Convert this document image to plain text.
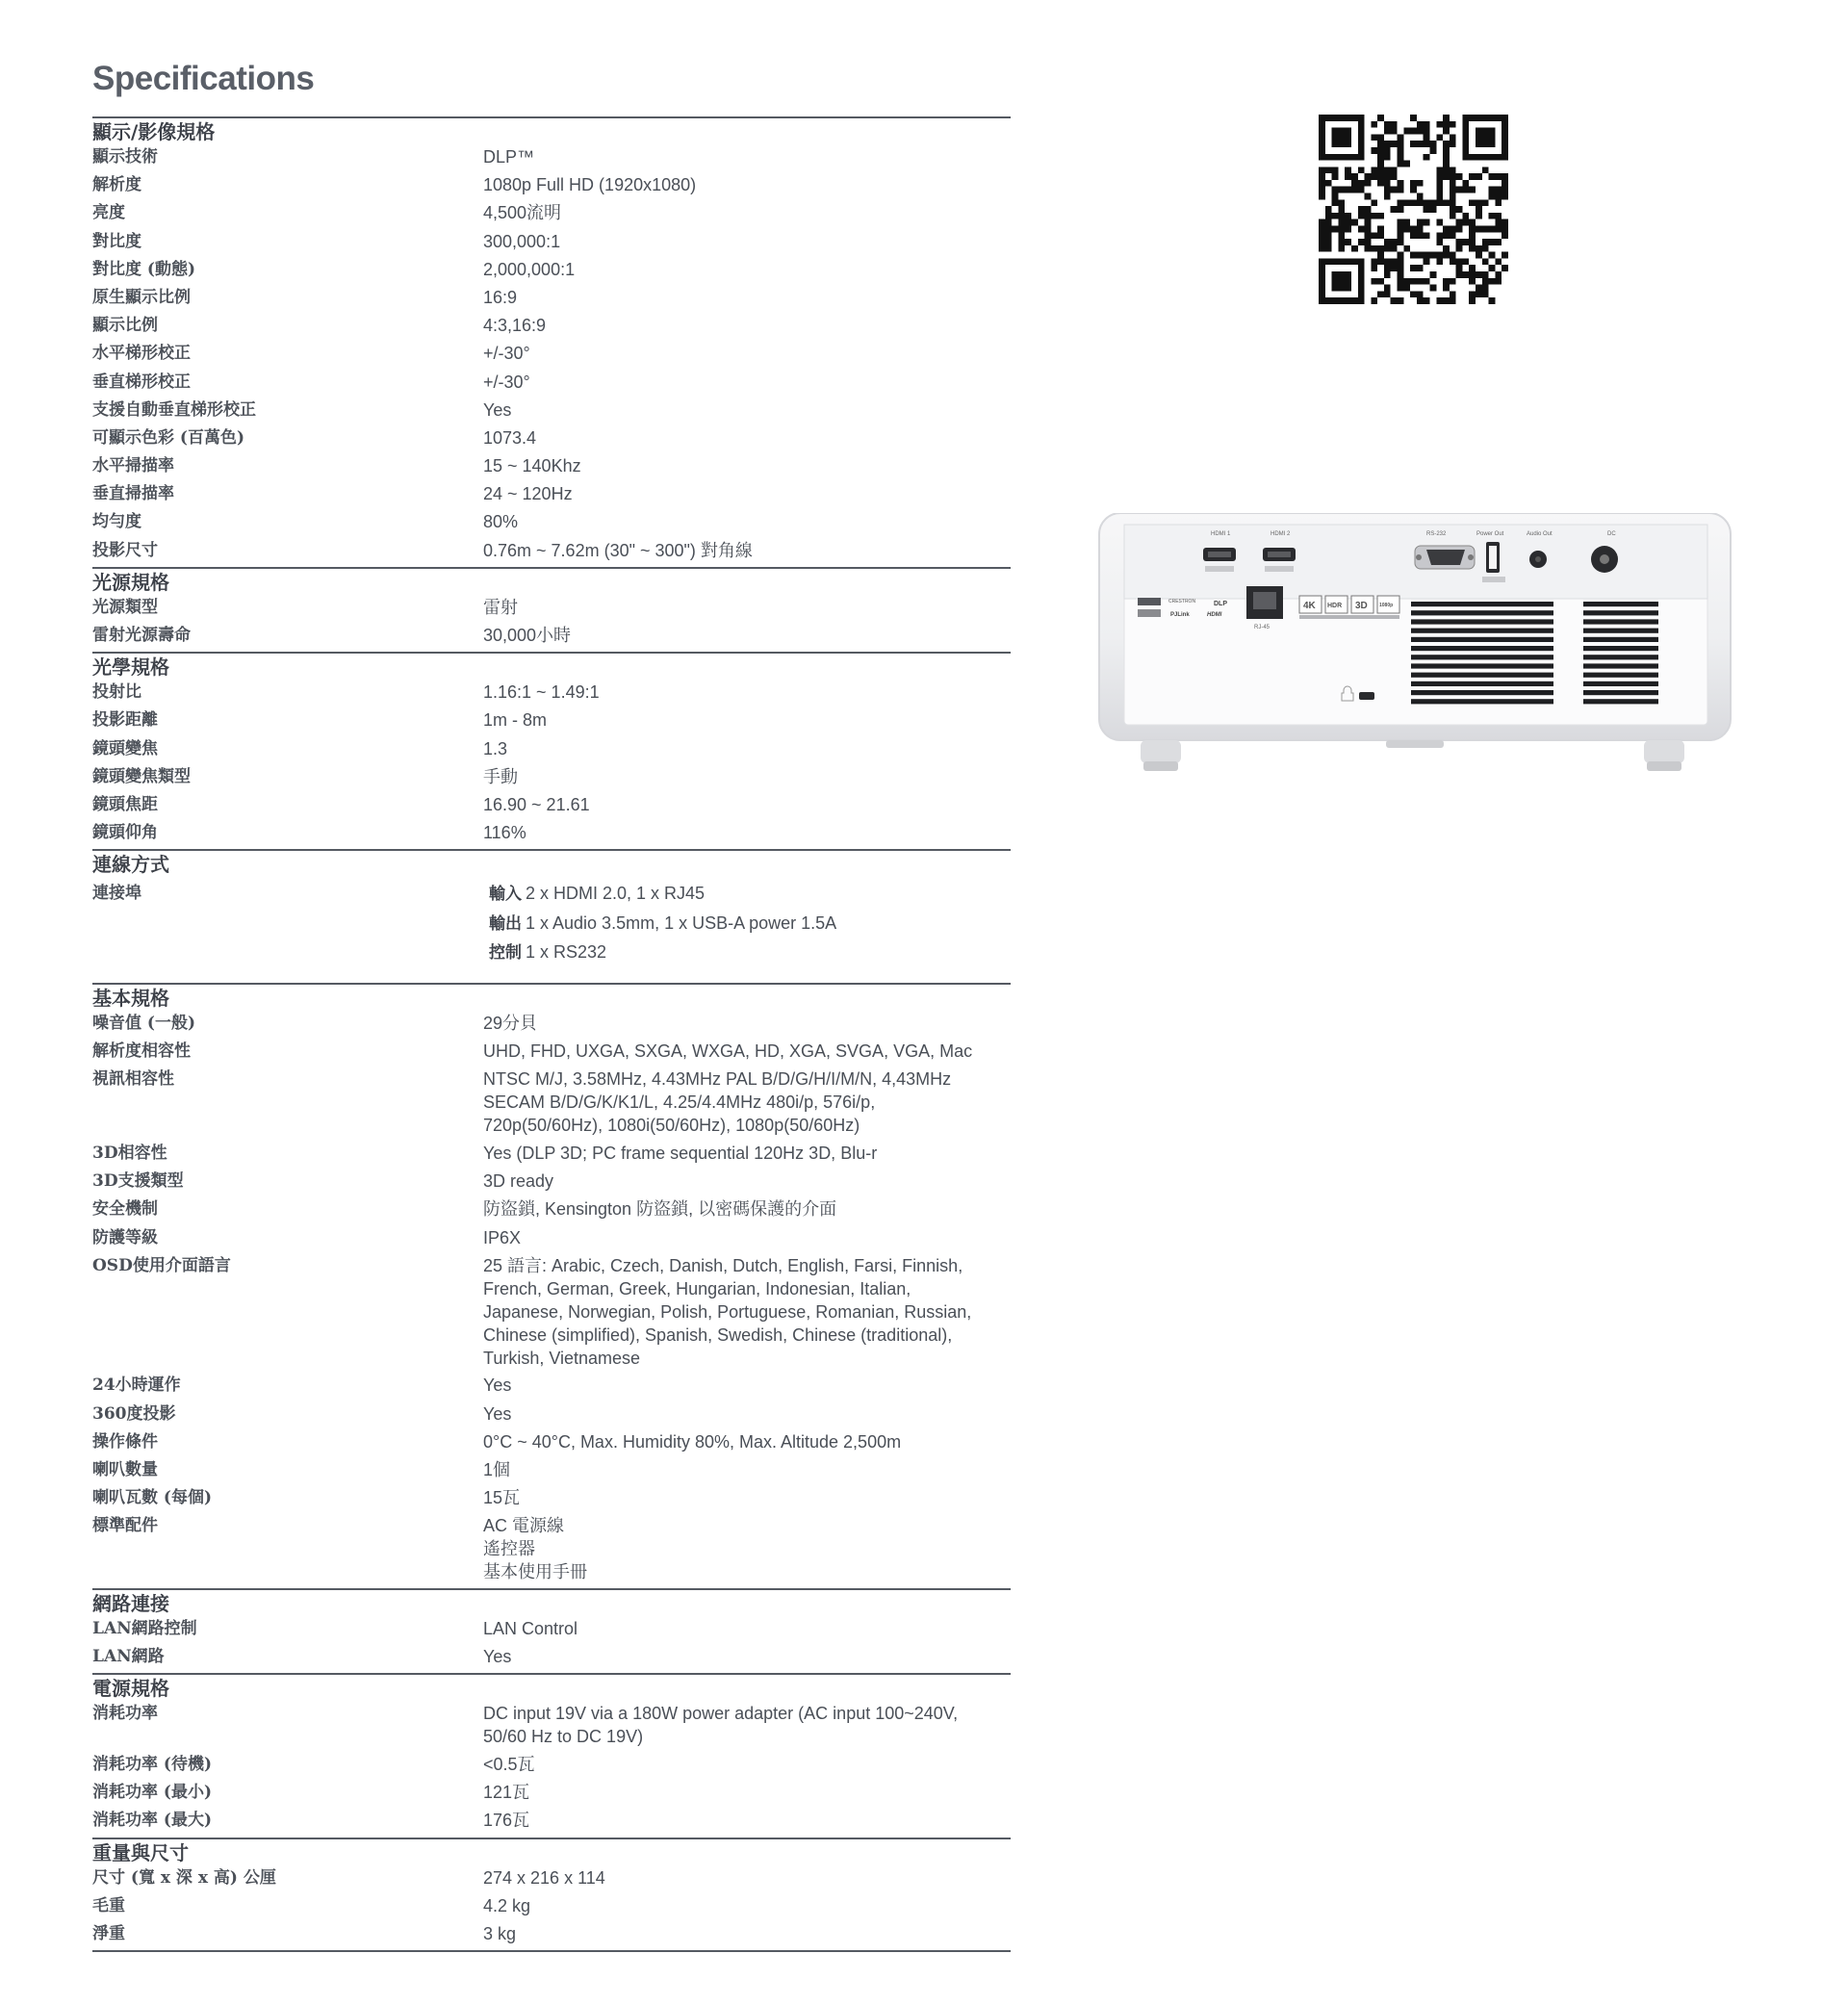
Specifications
顯示/影像規格
顯示技術	DLP™
解析度	1080p Full HD (1920x1080)
亮度	4,500流明
對比度	300,000:1
對比度 (動態)	2,000,000:1
原生顯示比例	16:9
顯示比例	4:3,16:9
水平梯形校正	+/-30°
垂直梯形校正	+/-30°
支援自動垂直梯形校正	Yes
可顯示色彩 (百萬色)	1073.4
水平掃描率	15 ~ 140Khz
垂直掃描率	24 ~ 120Hz
均勻度	80%
投影尺寸	0.76m ~ 7.62m (30" ~ 300") 對角線
光源規格
光源類型	雷射
雷射光源壽命	30,000小時
光學規格
投射比	1.16:1 ~ 1.49:1
投影距離	1m - 8m
鏡頭變焦	1.3
鏡頭變焦類型	手動
鏡頭焦距	16.90 ~ 21.61
鏡頭仰角	116%
連線方式
連接埠	輸入 2 x HDMI 2.0, 1 x RJ45
輸出 1 x Audio 3.5mm, 1 x USB-A power 1.5A
控制 1 x RS232
基本規格
噪音值 (一般)	29分貝
解析度相容性	UHD, FHD, UXGA, SXGA, WXGA, HD, XGA, SVGA, VGA, Mac
視訊相容性	NTSC M/J, 3.58MHz, 4.43MHz PAL B/D/G/H/I/M/N, 4,43MHz
SECAM B/D/G/K/K1/L, 4.25/4.4MHz 480i/p, 576i/p,
720p(50/60Hz), 1080i(50/60Hz), 1080p(50/60Hz)
3D相容性	Yes (DLP 3D; PC frame sequential 120Hz 3D, Blu-r
3D支援類型	3D ready
安全機制	防盜鎖, Kensington 防盜鎖, 以密碼保護的介面
防護等級	IP6X
OSD使用介面語言	25 語言: Arabic, Czech, Danish, Dutch, English, Farsi, Finnish,
French, German, Greek, Hungarian, Indonesian, Italian,
Japanese, Norwegian, Polish, Portuguese, Romanian, Russian,
Chinese (simplified), Spanish, Swedish, Chinese (traditional),
Turkish, Vietnamese
24小時運作	Yes
360度投影	Yes
操作條件	0°C ~ 40°C, Max. Humidity 80%, Max. Altitude 2,500m
喇叭數量	1個
喇叭瓦數 (每個)	15瓦
標準配件	AC 電源線
遙控器
基本使用手冊
網路連接
LAN網路控制	LAN Control
LAN網路	Yes
電源規格
消耗功率	DC input 19V via a 180W power adapter (AC input 100~240V,
50/60 Hz to DC 19V)
消耗功率 (待機)	<0.5瓦
消耗功率 (最小)	121瓦
消耗功率 (最大)	176瓦
重量與尺寸
尺寸 (寬 x 深 x 高) 公厘	274 x 216 x 114
毛重	4.2 kg
淨重	3 kg
HDMI 1	HDMI 2	RS-232	Power Out	Audio Out	DC
RJ-45
CRESTRON	DLP
PJLink	HDMI
4K HDR 3D 1080p
